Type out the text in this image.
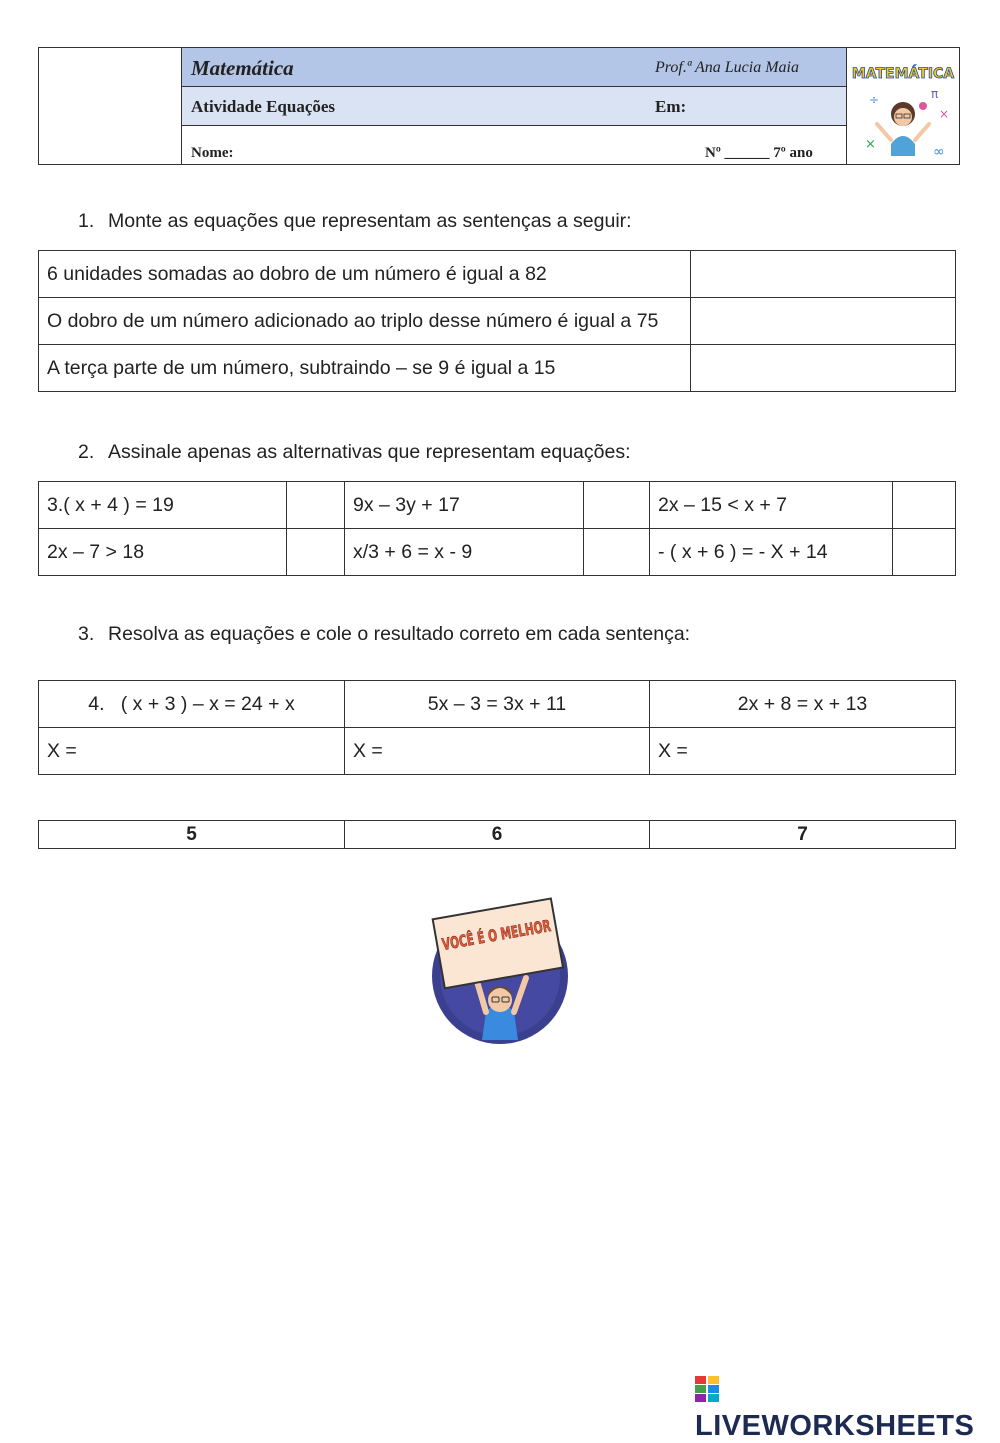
Matemática	Prof.ª Ana Lucia Maia
Atividade Equações	Em:
Nome:	Nº ______ 7º ano
MATEMÁTICA
÷	π
×
×	∞
1. Monte as equações que representam as sentenças a seguir:
6 unidades somadas ao dobro de um número é igual a 82	
O dobro de um número adicionado ao triplo desse número é igual a 75	
A terça parte de um número, subtraindo – se 9 é igual a 15	
2. Assinale apenas as alternativas que representam equações:
3.( x + 4 ) = 19		9x – 3y + 17		2x – 15 < x + 7	
2x – 7 > 18		x/3 + 6 = x - 9		- ( x + 6 ) = - X + 14	
3. Resolva as equações e cole o resultado correto em cada sentença:
4.   ( x + 3 ) – x = 24 + x	5x – 3 = 3x + 11	2x + 8 = x + 13
X =	X =	X =
5	6	7
VOCÊ É O MELHOR
LIVEWORKSHEETS
